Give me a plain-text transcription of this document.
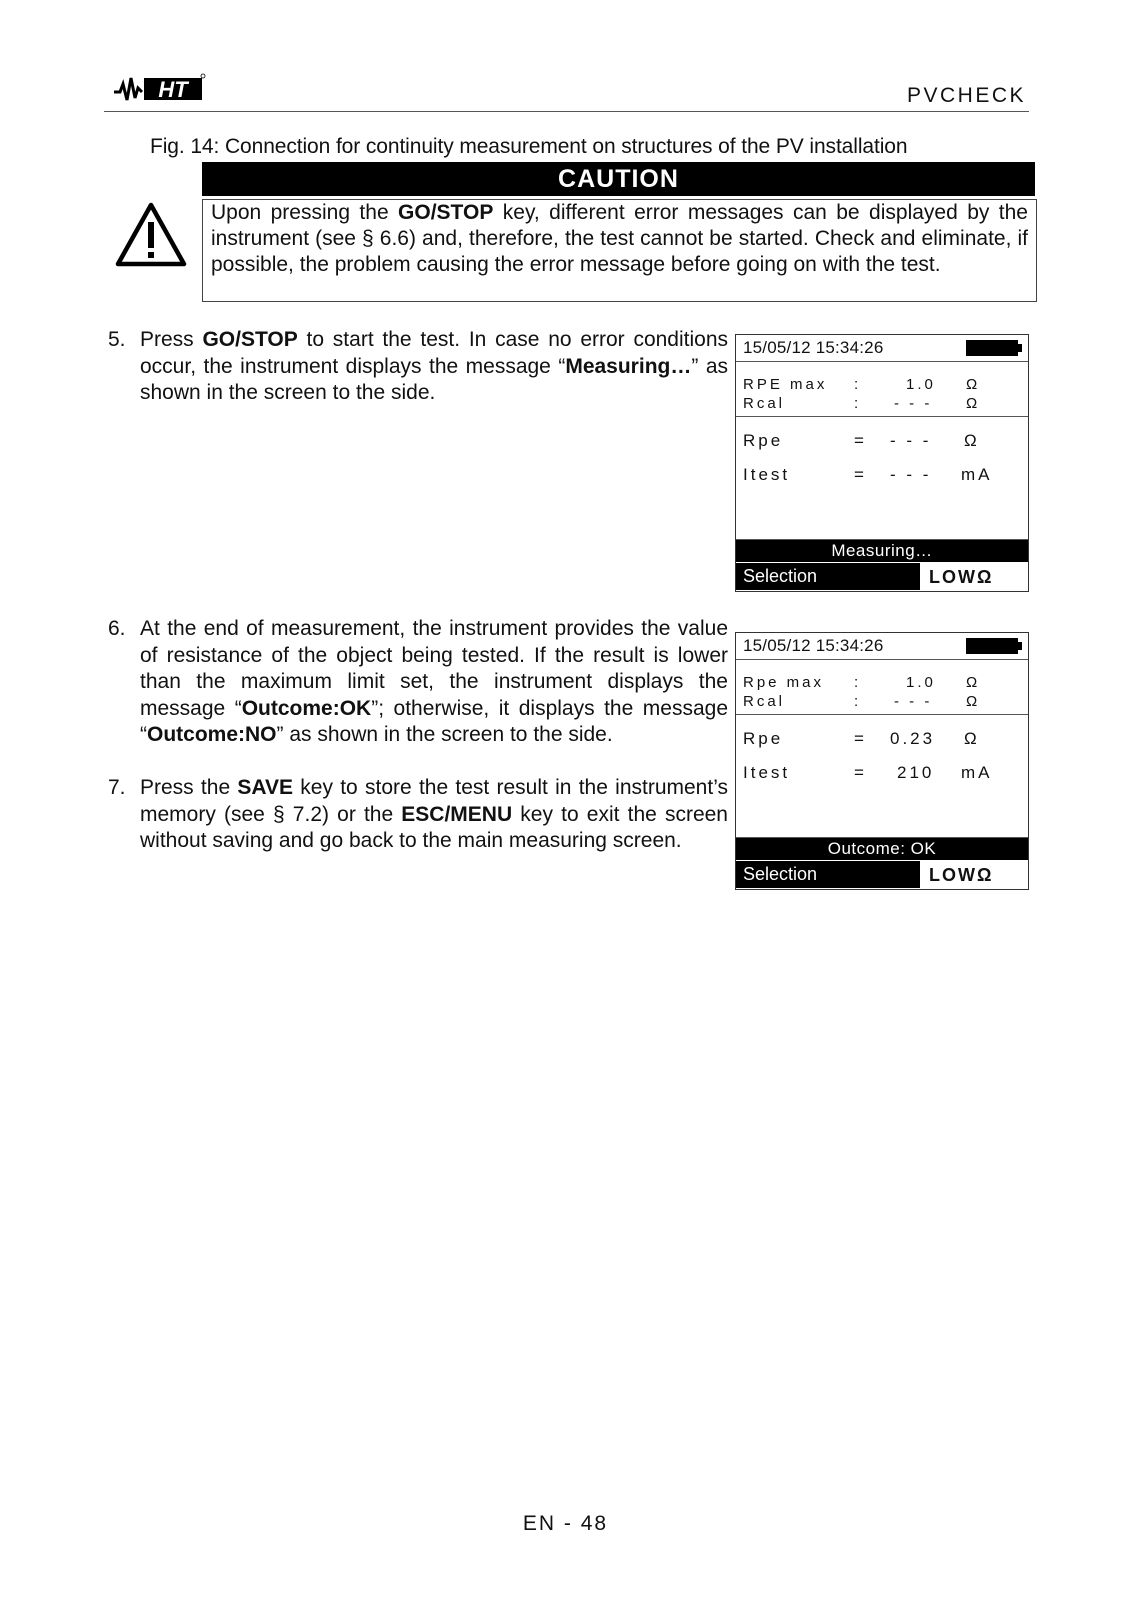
HT	PVCHECK
Fig. 14: Connection for continuity measurement on structures of the PV installation
CAUTION
Upon pressing the GO/STOP key, different error messages can be displayed by the instrument (see § 6.6) and, therefore, the test cannot be started. Check and eliminate, if possible, the problem causing the error message before going on with the test.
5. Press GO/STOP to start the test. In case no error conditions occur, the instrument displays the message “Measuring…” as shown in the screen to the side.
6. At the end of measurement, the instrument provides the value of resistance of the object being tested. If the result is lower than the maximum limit set, the instrument displays the message “Outcome:OK”; otherwise, it displays the message “Outcome:NO” as shown in the screen to the side.
7. Press the SAVE key to store the test result in the instrument’s memory (see § 7.2) or the ESC/MENU key to exit the screen without saving and go back to the main measuring screen.
15/05/12 15:34:26
RPE max :	1.0 Ω
Rcal	: - - - Ω
Rpe	= - - - Ω
Itest	= - - - mA
Measuring…
Selection	LOWΩ
15/05/12 15:34:26
Rpe max :	1.0 Ω
Rcal	: - - - Ω
Rpe	= 0.23 Ω
Itest	= 210 mA
Outcome: OK
Selection	LOWΩ
EN - 48
